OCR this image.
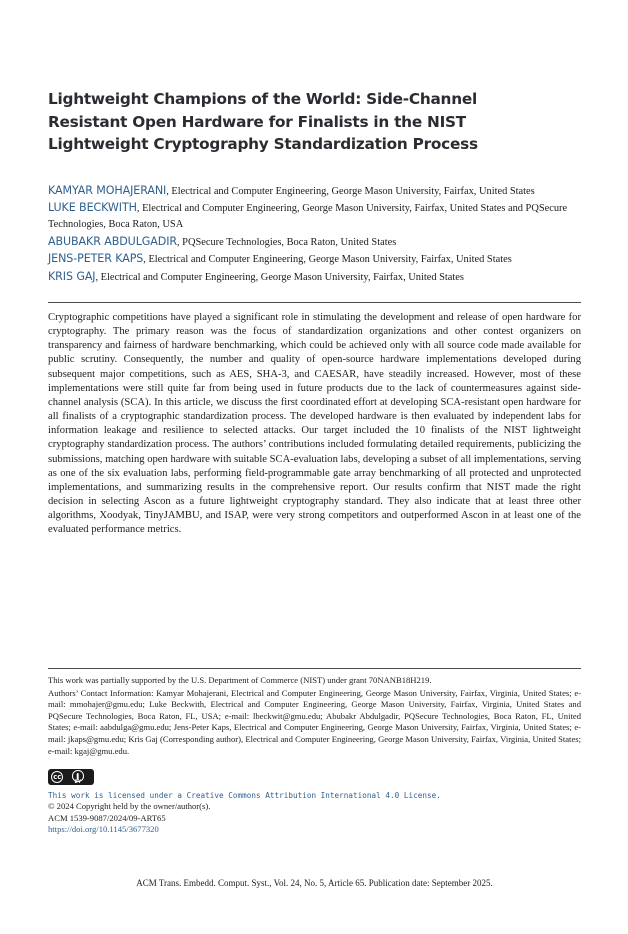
Lightweight Champions of the World: Side-Channel Resistant Open Hardware for Finalists in the NIST Lightweight Cryptography Standardization Process
KAMYAR MOHAJERANI, Electrical and Computer Engineering, George Mason University, Fairfax, United States
LUKE BECKWITH, Electrical and Computer Engineering, George Mason University, Fairfax, United States and PQSecure Technologies, Boca Raton, USA
ABUBAKR ABDULGADIR, PQSecure Technologies, Boca Raton, United States
JENS-PETER KAPS, Electrical and Computer Engineering, George Mason University, Fairfax, United States
KRIS GAJ, Electrical and Computer Engineering, George Mason University, Fairfax, United States
Cryptographic competitions have played a significant role in stimulating the development and release of open hardware for cryptography. The primary reason was the focus of standardization organizations and other contest organizers on transparency and fairness of hardware benchmarking, which could be achieved only with all source code made available for public scrutiny. Consequently, the number and quality of open-source hardware implementations developed during subsequent major competitions, such as AES, SHA-3, and CAESAR, have steadily increased. However, most of these implementations were still quite far from being used in future products due to the lack of countermeasures against side-channel analysis (SCA). In this article, we discuss the first coordinated effort at developing SCA-resistant open hardware for all finalists of a cryptographic standardization process. The developed hardware is then evaluated by independent labs for information leakage and resilience to selected attacks. Our target included the 10 finalists of the NIST lightweight cryptography standardization process. The authors’ contributions included formulating detailed requirements, publicizing the submissions, matching open hardware with suitable SCA-evaluation labs, developing a subset of all implementations, serving as one of the six evaluation labs, performing field-programmable gate array benchmarking of all protected and unprotected implementations, and summarizing results in the comprehensive report. Our results confirm that NIST made the right decision in selecting Ascon as a future lightweight cryptography standard. They also indicate that at least three other algorithms, Xoodyak, TinyJAMBU, and ISAP, were very strong competitors and outperformed Ascon in at least one of the evaluated performance metrics.
This work was partially supported by the U.S. Department of Commerce (NIST) under grant 70NANB18H219.
Authors’ Contact Information: Kamyar Mohajerani, Electrical and Computer Engineering, George Mason University, Fairfax, Virginia, United States; e-mail: mmohajer@gmu.edu; Luke Beckwith, Electrical and Computer Engineering, George Mason University, Fairfax, Virginia, United States and PQSecure Technologies, Boca Raton, FL, USA; e-mail: lbeckwit@gmu.edu; Abubakr Abdulgadir, PQSecure Technologies, Boca Raton, FL, United States; e-mail: aabdulga@gmu.edu; Jens-Peter Kaps, Electrical and Computer Engineering, George Mason University, Fairfax, Virginia, United States; e-mail: jkaps@gmu.edu; Kris Gaj (Corresponding author), Electrical and Computer Engineering, George Mason University, Fairfax, Virginia, United States; e-mail: kgaj@gmu.edu.
cc
BY
This work is licensed under a Creative Commons Attribution International 4.0 License.
© 2024 Copyright held by the owner/author(s).
ACM 1539-9087/2024/09-ART65
https://doi.org/10.1145/3677320
ACM Trans. Embedd. Comput. Syst., Vol. 24, No. 5, Article 65. Publication date: September 2025.
